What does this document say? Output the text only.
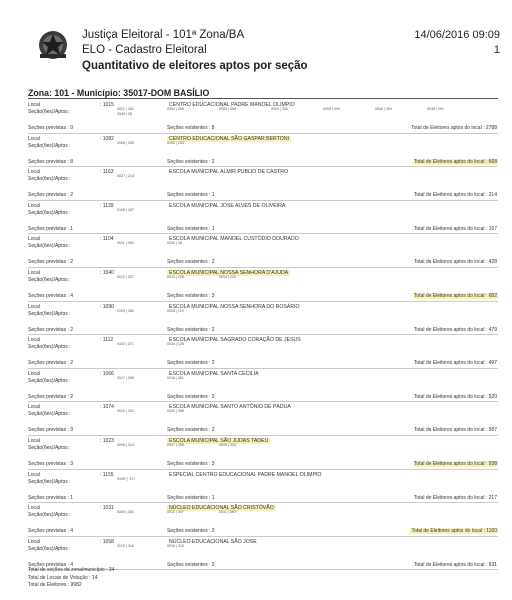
Justiça Eleitoral - 101ª Zona/BA
ELO - Cadastro Eleitoral
Quantitativo de eleitores aptos por seção
14/06/2016 09:09
1
Zona: 101 - Município: 35017-DOM BASÍLIO
Local	: 1015	CENTRO EDUCACIONAL PADRE MANOEL OLIMPIO
Seção(ões)/Aptos :	0021 | 341
0040 | 28
0002 | 395	0003 | 398	0004 | 332	0005 | 394	0006 | 394	0038 | 291
Seções previstas : 9	Seções existentes : 8	Total de Eleitores aptos do local : 2788
Local	: 1082	CENTRO EDUCACIONAL SÃO GASPAR BERTONI
Seção(ões)/Aptos :	0008 | 335	0092 | 153
Seções previstas : 8	Seções existentes : 2	Total de Eleitores aptos do local : 668
Local	: 1163	ESCOLA MUNICIPAL ALMIR PUBLIO DE CASTRO
Seção(ões)/Aptos :	0027 | 214
Seções previstas : 2	Seções existentes : 1	Total de Eleitores aptos do local : 214
Local	: 1139	ESCOLA MUNICIPAL JOSE ALVES DE OLIVEIRA
Seção(ões)/Aptos :	0106 | 167
Seções previstas : 1	Seções existentes : 1	Total de Eleitores aptos do local : 167
Local	: 1104	ESCOLA MUNICIPAL MANOEL CUSTÓDIO DOURADO
Seção(ões)/Aptos :	0011 | 390	0042 | 38
Seções previstas : 2	Seções existentes : 2	Total de Eleitores aptos do local : 428
Local	: 1040	ESCOLA MUNICIPAL NOSSA SENHORA D'AJUDA
Seção(ões)/Aptos :	0012 | 237	0013 | 226	0014 | 229
Seções previstas : 4	Seções existentes : 3	Total de Eleitores aptos do local : 682
Local	: 1090	ESCOLA MUNICIPAL NOSSA SENHORA DO ROSÁRIO
Seção(ões)/Aptos :	0109 | 360	0035 | 119
Seções previstas : 2	Seções existentes : 2	Total de Eleitores aptos do local : 479
Local	: 1112	ESCOLA MUNICIPAL SAGRADO CORAÇÃO DE JESUS
Seção(ões)/Aptos :	0102 | 371	0034 | 126
Seções previstas : 2	Seções existentes : 2	Total de Eleitores aptos do local : 497
Local	: 1066	ESCOLA MUNICIPAL SANTA CECILIA
Seção(ões)/Aptos :	0017 | 259	0018 | 261
Seções previstas : 2	Seções existentes : 2	Total de Eleitores aptos do local : 520
Local	: 1074	ESCOLA MUNICIPAL SANTO ANTÔNIO DE PÁDUA
Seção(ões)/Aptos :	0010 | 201	0020 | 286
Seções previstas : 3	Seções existentes : 2	Total de Eleitores aptos do local : 587
Local	: 1023	ESCOLA MUNICIPAL SÃO JUDAS TADEU
Seção(ões)/Aptos :	0006 | 314	0007 | 259	0009 | 315
Seções previstas : 3	Seções existentes : 3	Total de Eleitores aptos do local : 938
Local	: 1155	ESPECIAL CENTRO EDUCACIONAL PADRE MANOEL OLIMPIO
Seção(ões)/Aptos :	0100* | 217
Seções previstas : 1	Seções existentes : 1	Total de Eleitores aptos do local : 217
Local	: 1031	NÚCLEO EDUCACIONAL SÃO CRISTÓVÃO
Seção(ões)/Aptos :	0009 | 303	0010 | 397	0011 | 380
Seções previstas : 4	Seções existentes : 3	Total de Eleitores aptos do local : 1160
Local	: 1058	NÚCLEO EDUCACIONAL SÃO JOSE
Seção(ões)/Aptos :	0015 | 316	0016 | 315
Seções previstas : 4	Seções existentes : 2	Total de Eleitores aptos do local : 631
Total de seções da zona/município : 34
Total de Locais de Votação : 14
Total de Eleitores : 9982
